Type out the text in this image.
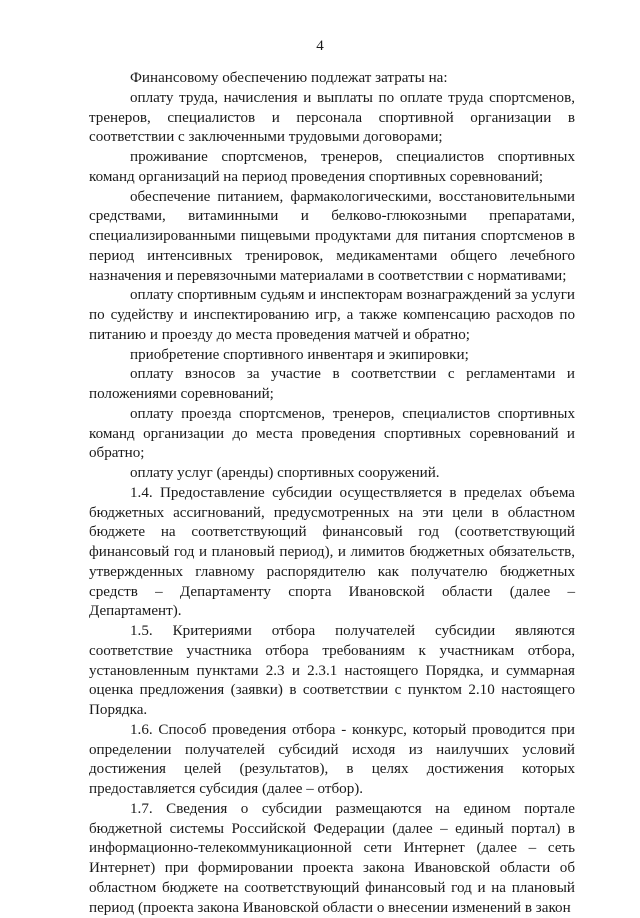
4

Финансовому обеспечению подлежат затраты на:

оплату труда, начисления и выплаты по оплате труда спортсменов, тренеров, специалистов и персонала спортивной организации в соответствии с заключенными трудовыми договорами;

проживание спортсменов, тренеров, специалистов спортивных команд организаций на период проведения спортивных соревнований;

обеспечение питанием, фармакологическими, восстановительными средствами, витаминными и белково-глюкозными препаратами, специализированными пищевыми продуктами для питания спортсменов в период интенсивных тренировок, медикаментами общего лечебного назначения и перевязочными материалами в соответствии с нормативами;

оплату спортивным судьям и инспекторам вознаграждений за услуги по судейству и инспектированию игр, а также компенсацию расходов по питанию и проезду до места проведения матчей и обратно;

приобретение спортивного инвентаря и экипировки;

оплату взносов за участие в соответствии с регламентами и положениями соревнований;

оплату проезда спортсменов, тренеров, специалистов спортивных команд организации до места проведения спортивных соревнований и обратно;

оплату услуг (аренды) спортивных сооружений.

1.4. Предоставление субсидии осуществляется в пределах объема бюджетных ассигнований, предусмотренных на эти цели в областном бюджете на соответствующий финансовый год (соответствующий финансовый год и плановый период), и лимитов бюджетных обязательств, утвержденных главному распорядителю как получателю бюджетных средств – Департаменту спорта Ивановской области (далее – Департамент).

1.5. Критериями отбора получателей субсидии являются соответствие участника отбора требованиям к участникам отбора, установленным пунктами 2.3 и 2.3.1 настоящего Порядка, и суммарная оценка предложения (заявки) в соответствии с пунктом 2.10 настоящего Порядка.

1.6. Способ проведения отбора - конкурс, который проводится при определении получателей субсидий исходя из наилучших условий достижения целей (результатов), в целях достижения которых предоставляется субсидия (далее – отбор).

1.7. Сведения о субсидии размещаются на едином портале бюджетной системы Российской Федерации (далее – единый портал) в информационно-телекоммуникационной сети Интернет (далее – сеть Интернет) при формировании проекта закона Ивановской области об областном бюджете на соответствующий финансовый год и на плановый период (проекта закона Ивановской области о внесении изменений в закон
